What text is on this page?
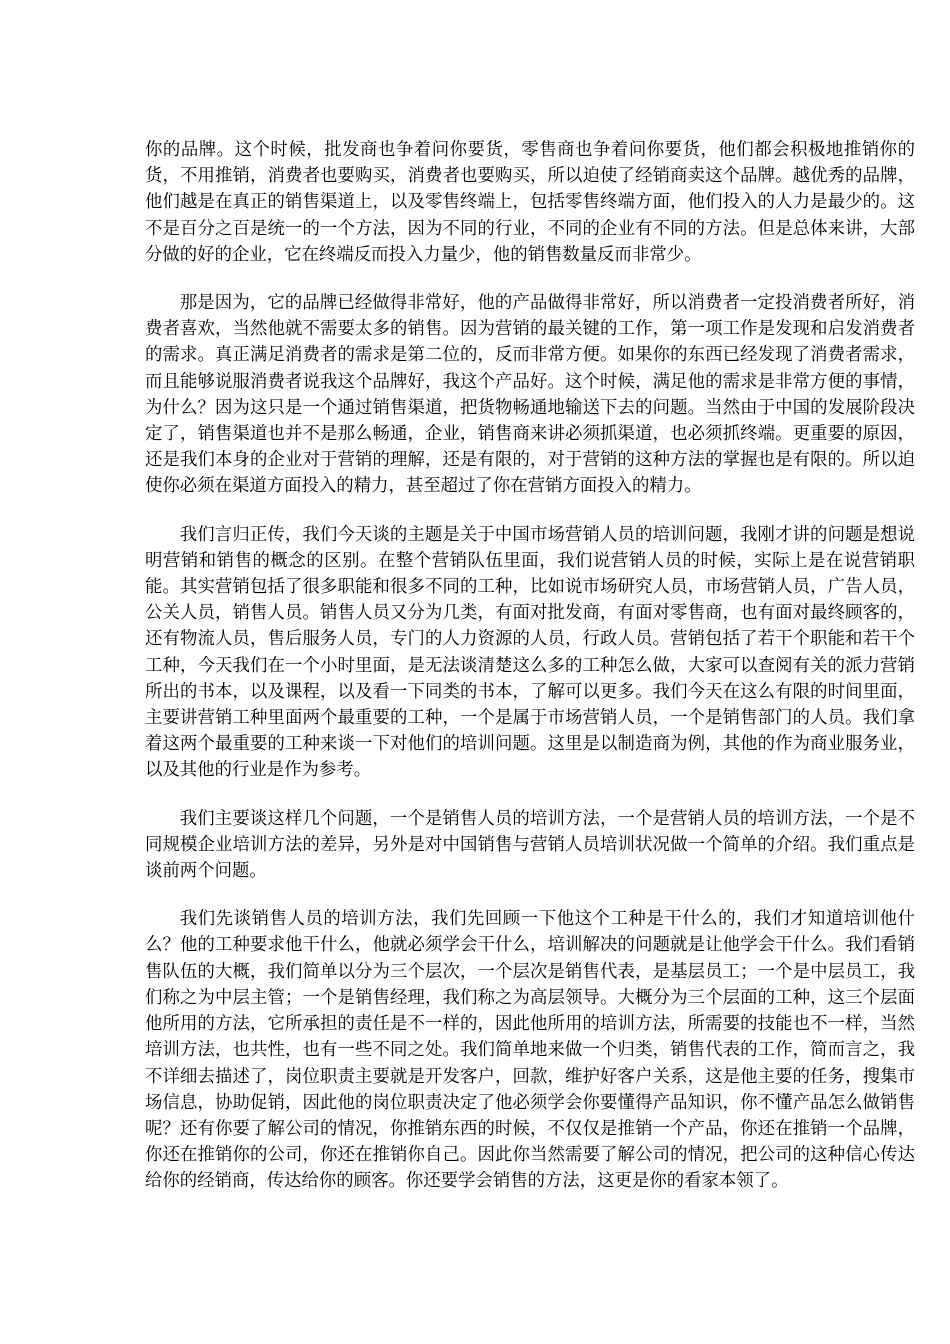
你的品牌。这个时候，批发商也争着问你要货，零售商也争着问你要货，他们都会积极地推销你的货，不用推销，消费者也要购买，消费者也要购买，所以迫使了经销商卖这个品牌。越优秀的品牌，他们越是在真正的销售渠道上，以及零售终端上，包括零售终端方面，他们投入的人力是最少的。这不是百分之百是统一的一个方法，因为不同的行业，不同的企业有不同的方法。但是总体来讲，大部分做的好的企业，它在终端反而投入力量少，他的销售数量反而非常少。

那是因为，它的品牌已经做得非常好，他的产品做得非常好，所以消费者一定投消费者所好，消费者喜欢，当然他就不需要太多的销售。因为营销的最关键的工作，第一项工作是发现和启发消费者的需求。真正满足消费者的需求是第二位的，反而非常方便。如果你的东西已经发现了消费者需求，而且能够说服消费者说我这个品牌好，我这个产品好。这个时候，满足他的需求是非常方便的事情，为什么？因为这只是一个通过销售渠道，把货物畅通地输送下去的问题。当然由于中国的发展阶段决定了，销售渠道也并不是那么畅通，企业，销售商来讲必须抓渠道，也必须抓终端。更重要的原因，还是我们本身的企业对于营销的理解，还是有限的，对于营销的这种方法的掌握也是有限的。所以迫使你必须在渠道方面投入的精力，甚至超过了你在营销方面投入的精力。

我们言归正传，我们今天谈的主题是关于中国市场营销人员的培训问题，我刚才讲的问题是想说明营销和销售的概念的区别。在整个营销队伍里面，我们说营销人员的时候，实际上是在说营销职能。其实营销包括了很多职能和很多不同的工种，比如说市场研究人员，市场营销人员，广告人员，公关人员，销售人员。销售人员又分为几类，有面对批发商，有面对零售商，也有面对最终顾客的，还有物流人员，售后服务人员，专门的人力资源的人员，行政人员。营销包括了若干个职能和若干个工种，今天我们在一个小时里面，是无法谈清楚这么多的工种怎么做，大家可以查阅有关的派力营销所出的书本，以及课程，以及看一下同类的书本，了解可以更多。我们今天在这么有限的时间里面，主要讲营销工种里面两个最重要的工种，一个是属于市场营销人员，一个是销售部门的人员。我们拿着这两个最重要的工种来谈一下对他们的培训问题。这里是以制造商为例，其他的作为商业服务业，以及其他的行业是作为参考。

我们主要谈这样几个问题，一个是销售人员的培训方法，一个是营销人员的培训方法，一个是不同规模企业培训方法的差异，另外是对中国销售与营销人员培训状况做一个简单的介绍。我们重点是谈前两个问题。

我们先谈销售人员的培训方法，我们先回顾一下他这个工种是干什么的，我们才知道培训他什么？他的工种要求他干什么，他就必须学会干什么，培训解决的问题就是让他学会干什么。我们看销售队伍的大概，我们简单以分为三个层次，一个层次是销售代表，是基层员工；一个是中层员工，我们称之为中层主管；一个是销售经理，我们称之为高层领导。大概分为三个层面的工种，这三个层面他所用的方法，它所承担的责任是不一样的，因此他所用的培训方法，所需要的技能也不一样，当然培训方法，也共性，也有一些不同之处。我们简单地来做一个归类，销售代表的工作，简而言之，我不详细去描述了，岗位职责主要就是开发客户，回款，维护好客户关系，这是他主要的任务，搜集市场信息，协助促销，因此他的岗位职责决定了他必须学会你要懂得产品知识，你不懂产品怎么做销售呢？还有你要了解公司的情况，你推销东西的时候，不仅仅是推销一个产品，你还在推销一个品牌，你还在推销你的公司，你还在推销你自己。因此你当然需要了解公司的情况，把公司的这种信心传达给你的经销商，传达给你的顾客。你还要学会销售的方法，这更是你的看家本领了。
